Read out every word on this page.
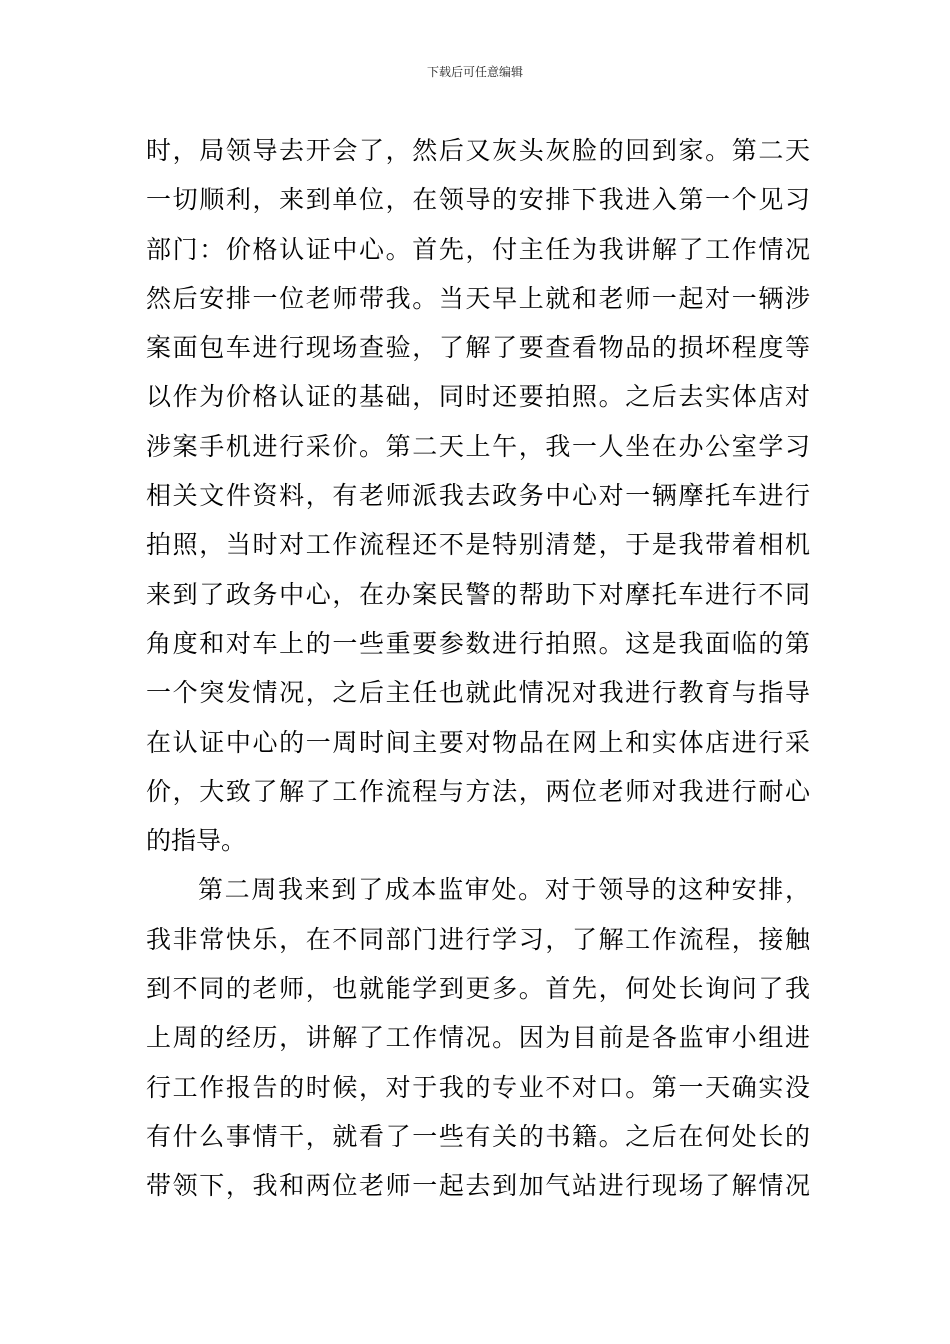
下载后可任意编辑
时，局领导去开会了，然后又灰头灰脸的回到家。第二天
一切顺利，来到单位，在领导的安排下我进入第一个见习
部门：价格认证中心。首先，付主任为我讲解了工作情况
然后安排一位老师带我。当天早上就和老师一起对一辆涉
案面包车进行现场查验，了解了要查看物品的损坏程度等
以作为价格认证的基础，同时还要拍照。之后去实体店对
涉案手机进行采价。第二天上午，我一人坐在办公室学习
相关文件资料，有老师派我去政务中心对一辆摩托车进行
拍照，当时对工作流程还不是特别清楚，于是我带着相机
来到了政务中心，在办案民警的帮助下对摩托车进行不同
角度和对车上的一些重要参数进行拍照。这是我面临的第
一个突发情况，之后主任也就此情况对我进行教育与指导
在认证中心的一周时间主要对物品在网上和实体店进行采
价，大致了解了工作流程与方法，两位老师对我进行耐心
的指导。
第二周我来到了成本监审处。对于领导的这种安排，
我非常快乐，在不同部门进行学习，了解工作流程，接触
到不同的老师，也就能学到更多。首先，何处长询问了我
上周的经历，讲解了工作情况。因为目前是各监审小组进
行工作报告的时候，对于我的专业不对口。第一天确实没
有什么事情干，就看了一些有关的书籍。之后在何处长的
带领下，我和两位老师一起去到加气站进行现场了解情况
